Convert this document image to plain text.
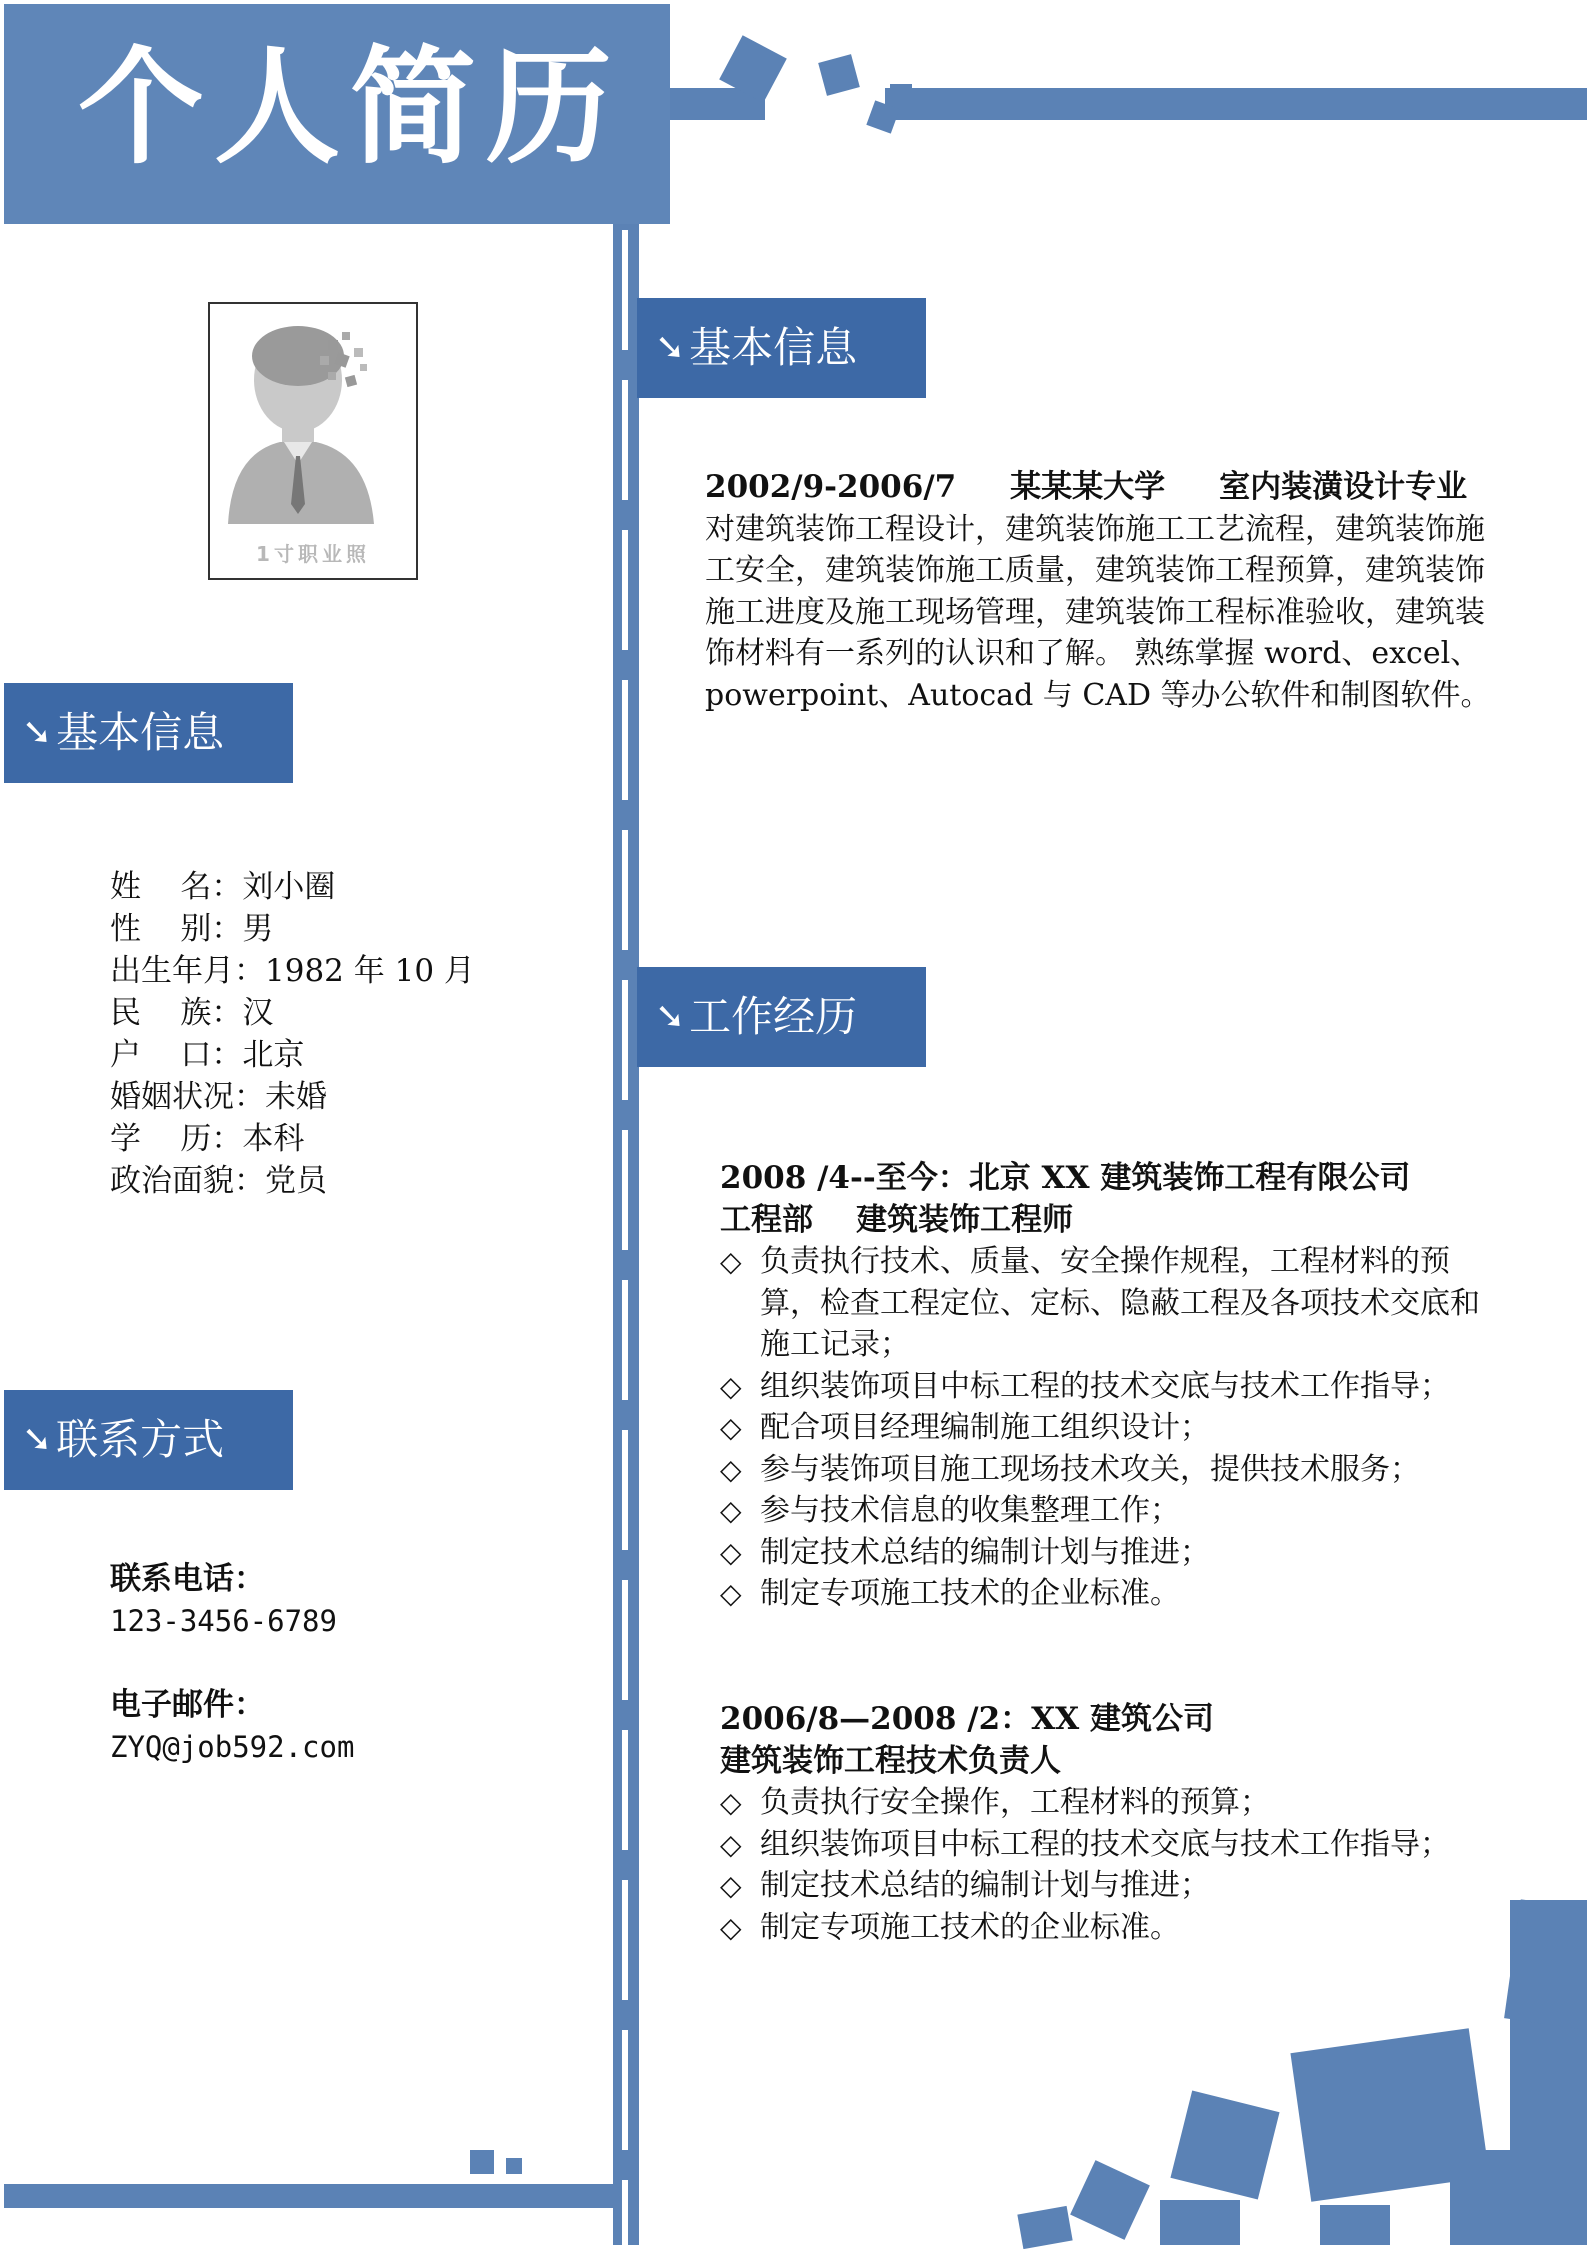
个人简历
1寸职业照
➘基本信息
姓    名：刘小圈
性    别：男
出生年月：1982 年 10 月
民    族：汉
户    口：北京
婚姻状况：未婚
学    历：本科
政治面貌：党员
➘联系方式
联系电话：
123-3456-6789
电子邮件：
ZYQ@job592.com
➘基本信息
2002/9-2006/7     某某某大学     室内装潢设计专业
对建筑装饰工程设计，建筑装饰施工工艺流程，建筑装饰施工安全，建筑装饰施工质量，建筑装饰工程预算，建筑装饰施工进度及施工现场管理，建筑装饰工程标准验收，建筑装饰材料有一系列的认识和了解。 熟练掌握 word、excel、powerpoint、Autocad 与 CAD 等办公软件和制图软件。
➘工作经历
2008 /4--至今：北京 XX 建筑装饰工程有限公司
工程部    建筑装饰工程师
◇ 负责执行技术、质量、安全操作规程，工程材料的预算，检查工程定位、定标、隐蔽工程及各项技术交底和施工记录；
◇ 组织装饰项目中标工程的技术交底与技术工作指导；
◇ 配合项目经理编制施工组织设计；
◇ 参与装饰项目施工现场技术攻关，提供技术服务；
◇ 参与技术信息的收集整理工作；
◇ 制定技术总结的编制计划与推进；
◇ 制定专项施工技术的企业标准。
2006/8—2008 /2：XX 建筑公司
建筑装饰工程技术负责人
◇ 负责执行安全操作，工程材料的预算；
◇ 组织装饰项目中标工程的技术交底与技术工作指导；
◇ 制定技术总结的编制计划与推进；
◇ 制定专项施工技术的企业标准。
